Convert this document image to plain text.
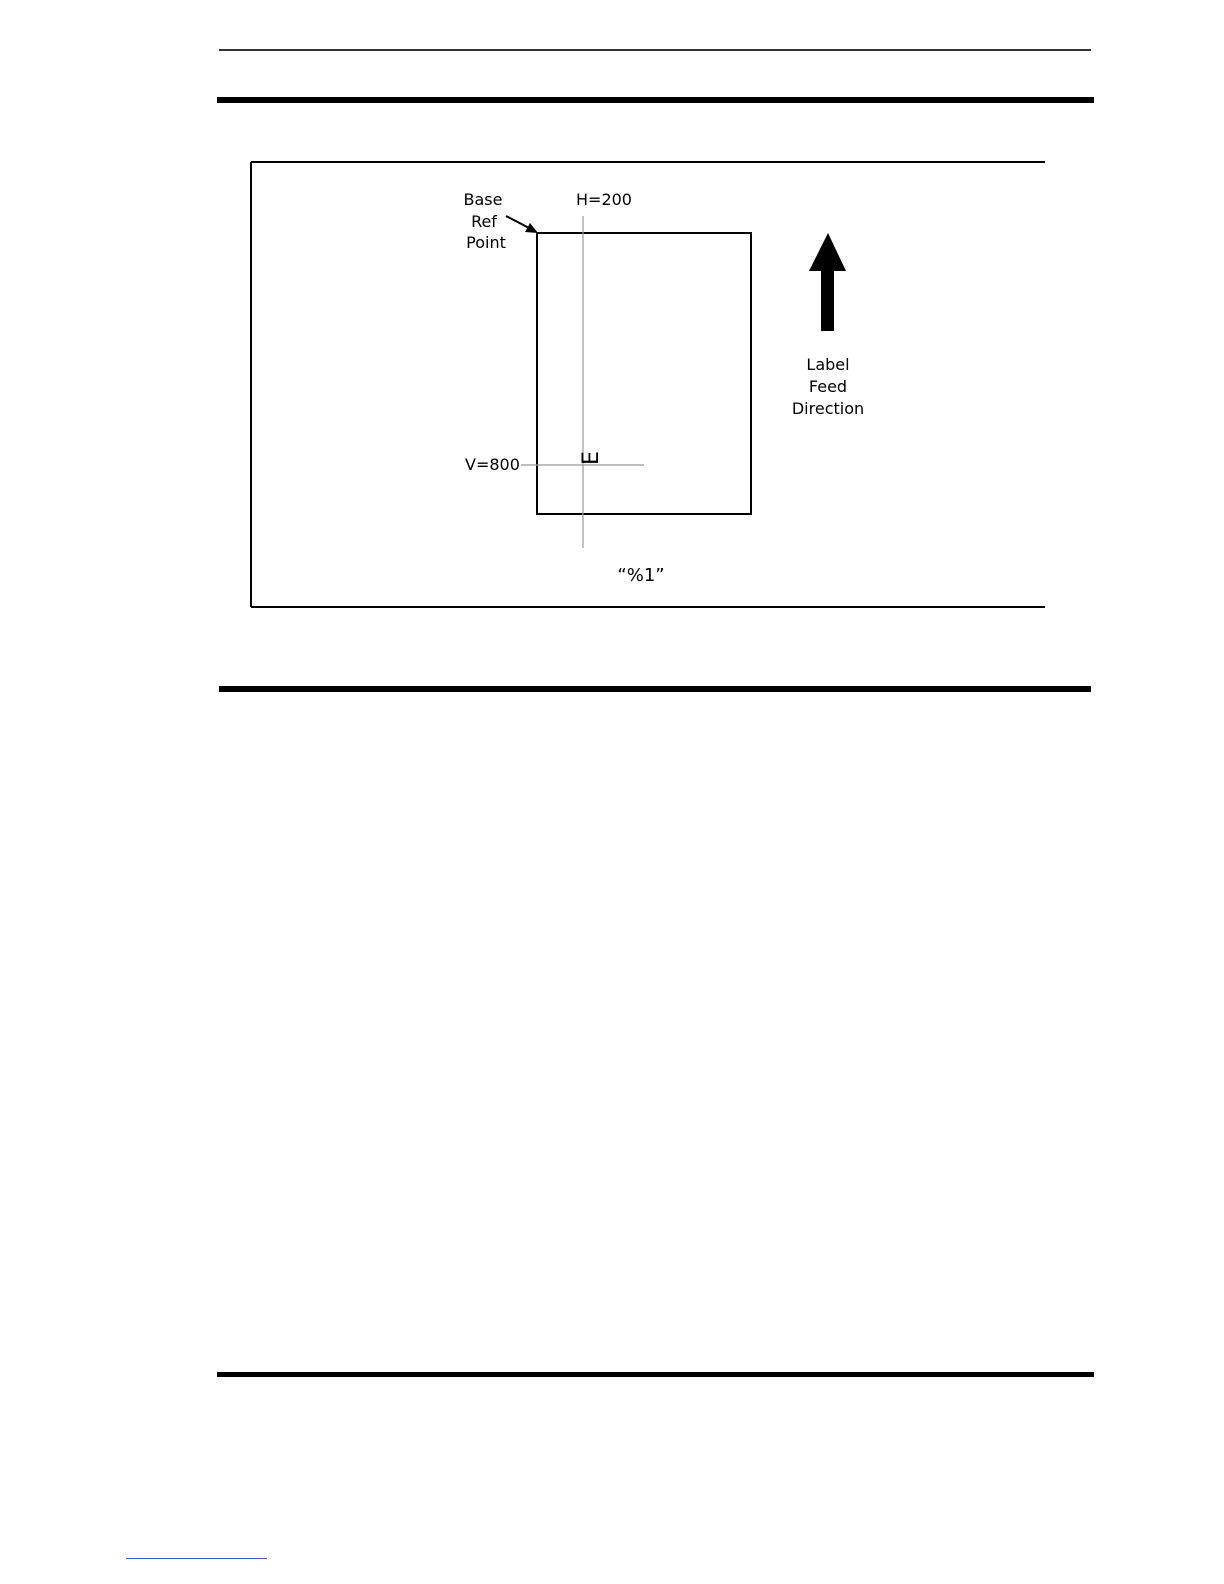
Base
Ref
Point
H=200
V=800	E
Label
Feed
Direction
“%1”
